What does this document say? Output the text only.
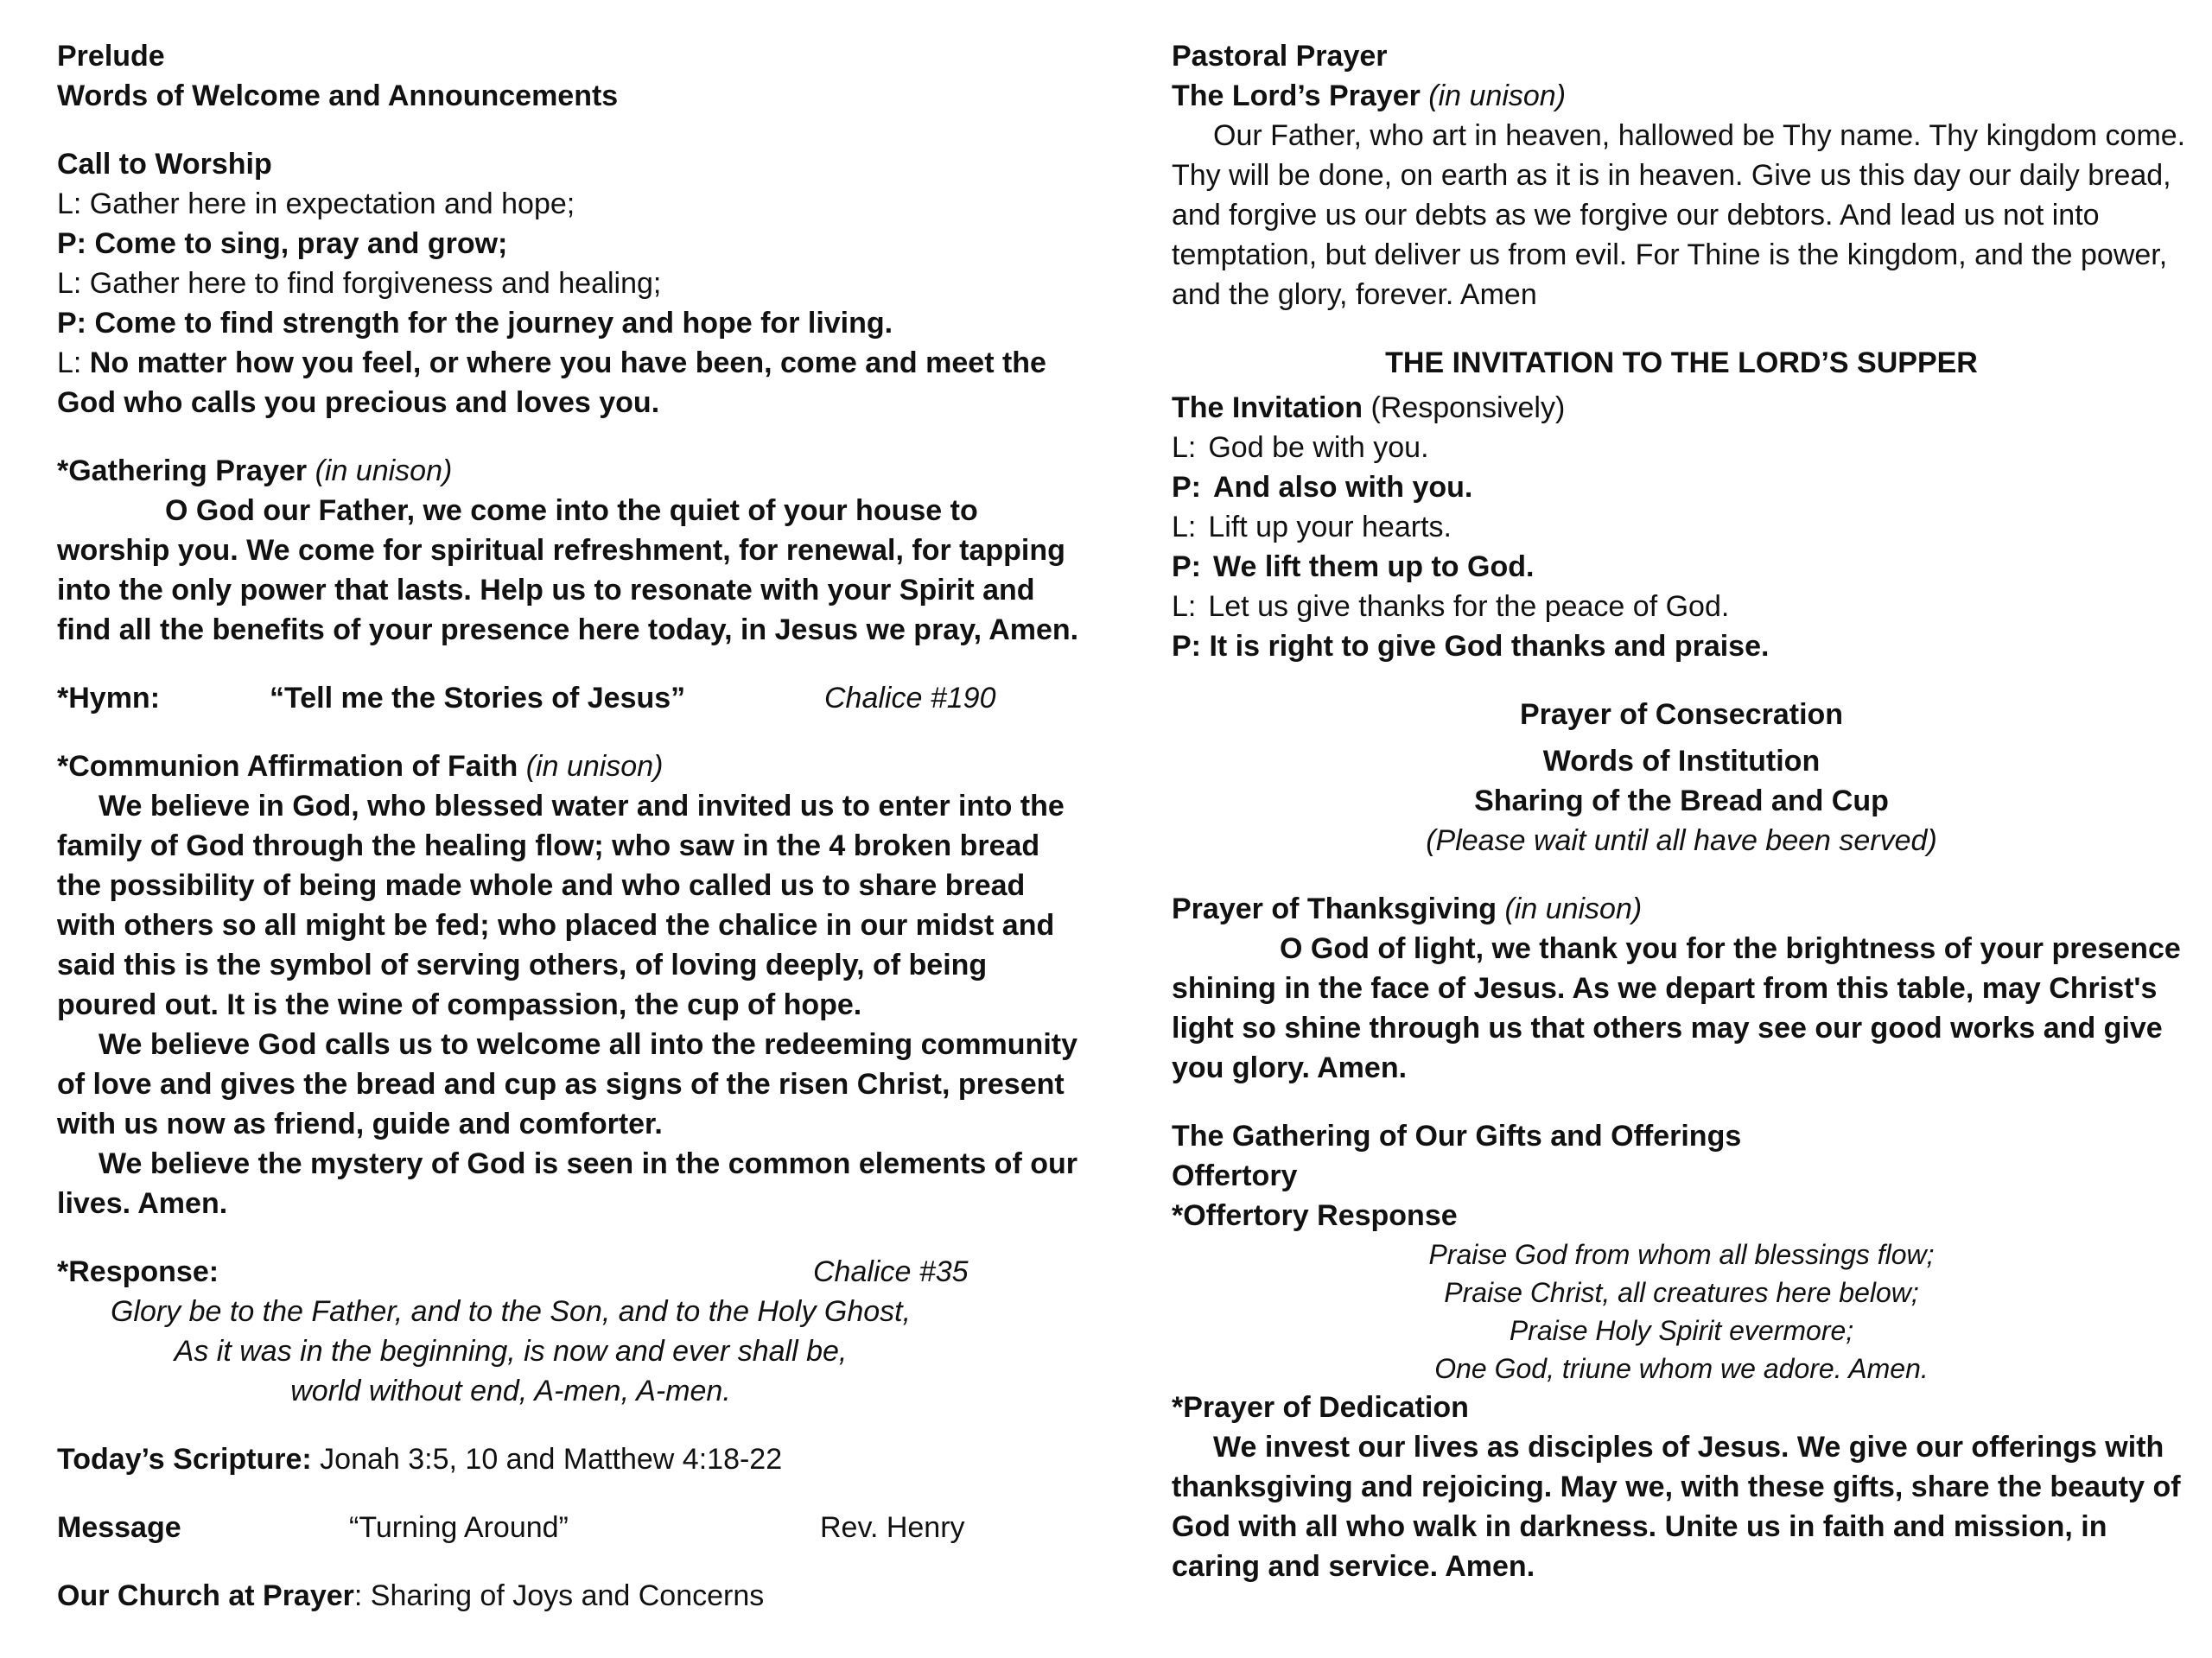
Prelude

Words of Welcome and Announcements

Call to Worship

L: Gather here in expectation and hope;

P: Come to sing, pray and grow;

L: Gather here to find forgiveness and healing;

P: Come to find strength for the journey and hope for living.

L: No matter how you feel, or where you have been, come and meet the God who calls you precious and loves you.

*Gathering Prayer (in unison)

O God our Father, we come into the quiet of your house to worship you. We come for spiritual refreshment, for renewal, for tapping into the only power that lasts. Help us to resonate with your Spirit and find all the benefits of your presence here today, in Jesus we pray, Amen.

*Hymn:	“Tell me the Stories of Jesus”	Chalice #190

*Communion Affirmation of Faith (in unison)

We believe in God, who blessed water and invited us to enter into the family of God through the healing flow; who saw in the 4 broken bread the possibility of being made whole and who called us to share bread with others so all might be fed; who placed the chalice in our midst and said this is the symbol of serving others, of loving deeply, of being poured out. It is the wine of compassion, the cup of hope.

We believe God calls us to welcome all into the redeeming community of love and gives the bread and cup as signs of the risen Christ, present with us now as friend, guide and comforter.

We believe the mystery of God is seen in the common elements of our lives. Amen.

*Response:	Chalice #35

Glory be to the Father, and to the Son, and to the Holy Ghost,

As it was in the beginning, is now and ever shall be,

world without end, A-men, A-men.

Today’s Scripture: Jonah 3:5, 10 and Matthew 4:18-22

Message	“Turning Around”	Rev. Henry

Our Church at Prayer: Sharing of Joys and Concerns

Pastoral Prayer

The Lord’s Prayer (in unison)

Our Father, who art in heaven, hallowed be Thy name. Thy kingdom come. Thy will be done, on earth as it is in heaven. Give us this day our daily bread, and forgive us our debts as we forgive our debtors. And lead us not into temptation, but deliver us from evil. For Thine is the kingdom, and the power, and the glory, forever. Amen

THE INVITATION TO THE LORD’S SUPPER

The Invitation (Responsively)

L: God be with you.

P: And also with you.

L: Lift up your hearts.

P: We lift them up to God.

L: Let us give thanks for the peace of God.

P: It is right to give God thanks and praise.

Prayer of Consecration

Words of Institution

Sharing of the Bread and Cup

(Please wait until all have been served)

Prayer of Thanksgiving (in unison)

O God of light, we thank you for the brightness of your presence shining in the face of Jesus. As we depart from this table, may Christ's light so shine through us that others may see our good works and give you glory. Amen.

The Gathering of Our Gifts and Offerings

Offertory

*Offertory Response

Praise God from whom all blessings flow;

Praise Christ, all creatures here below;

Praise Holy Spirit evermore;

One God, triune whom we adore. Amen.

*Prayer of Dedication

We invest our lives as disciples of Jesus. We give our offerings with thanksgiving and rejoicing. May we, with these gifts, share the beauty of God with all who walk in darkness. Unite us in faith and mission, in caring and service. Amen.
